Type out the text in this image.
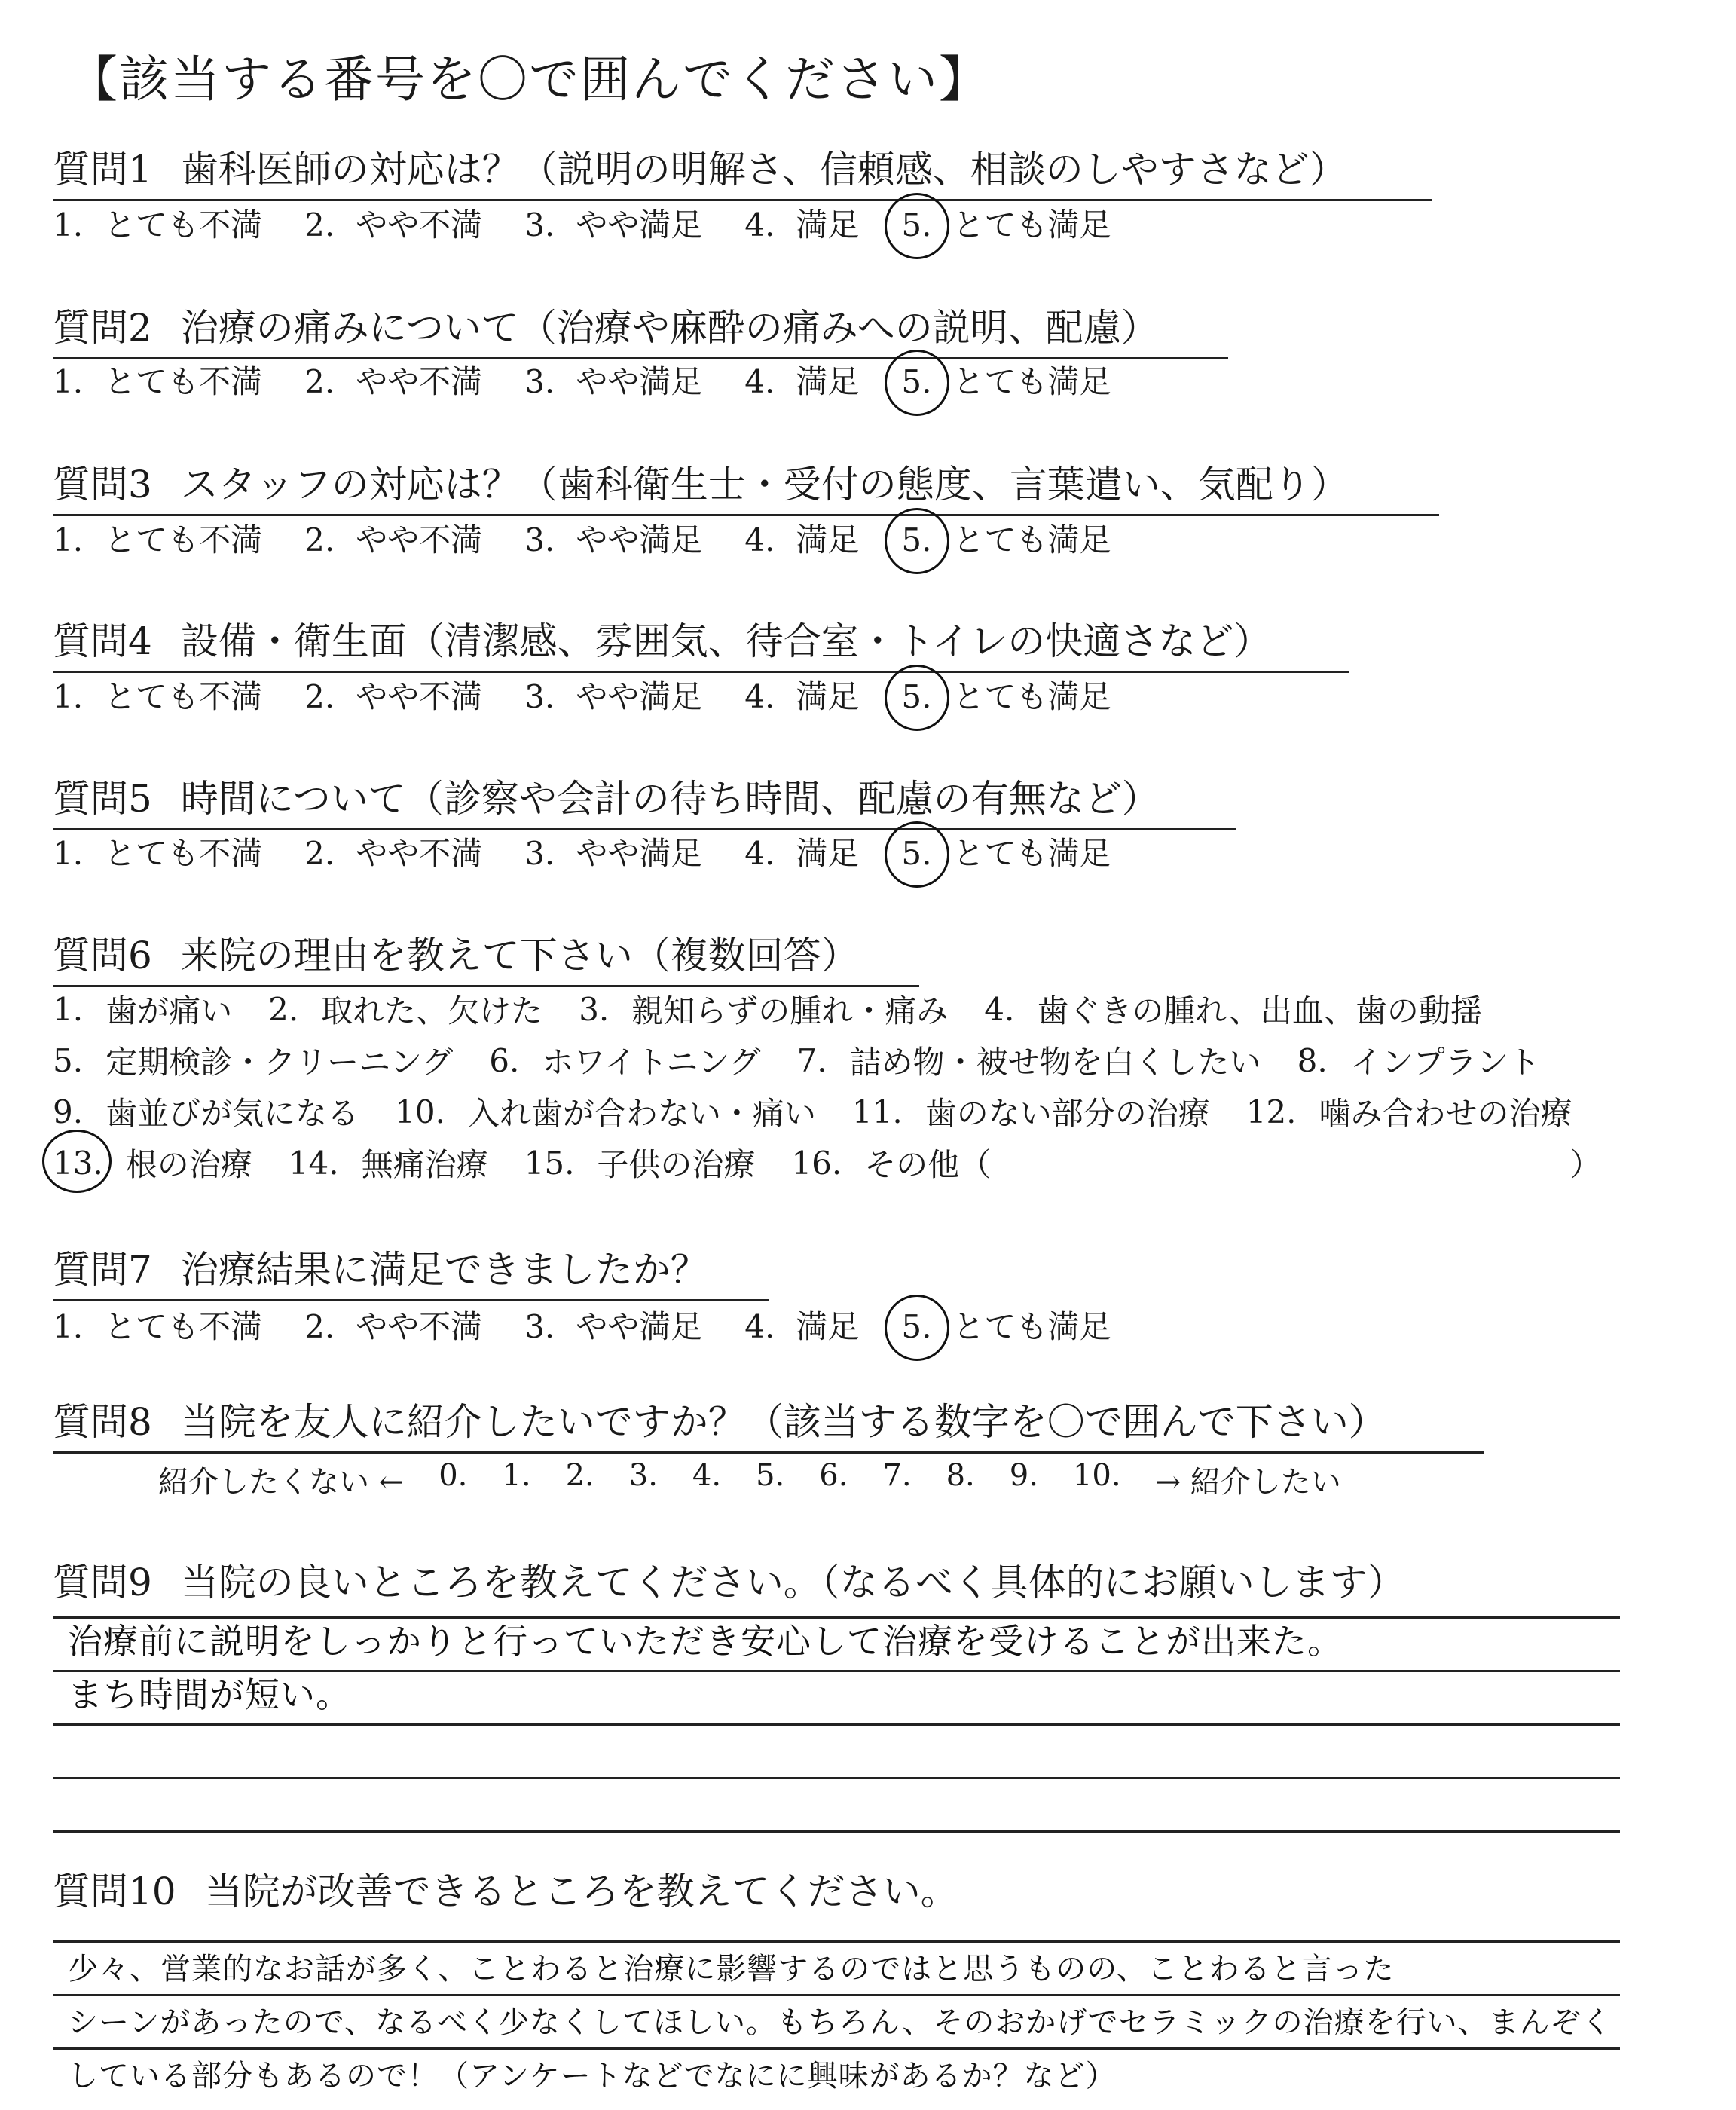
【該当する番号を〇で囲んでください】
質問1 歯科医師の対応は？（説明の明解さ、信頼感、相談のしやすさなど）
1. とても不満 2. やや不満 3. やや満足 4. 満足 5. とても満足
質問2 治療の痛みについて（治療や麻酔の痛みへの説明、配慮）
1. とても不満 2. やや不満 3. やや満足 4. 満足 5. とても満足
質問3 スタッフの対応は？（歯科衛生士・受付の態度、言葉遣い、気配り）
1. とても不満 2. やや不満 3. やや満足 4. 満足 5. とても満足
質問4 設備・衛生面（清潔感、雰囲気、待合室・トイレの快適さなど）
1. とても不満 2. やや不満 3. やや満足 4. 満足 5. とても満足
質問5 時間について（診察や会計の待ち時間、配慮の有無など）
1. とても不満 2. やや不満 3. やや満足 4. 満足 5. とても満足
質問6 来院の理由を教えて下さい（複数回答）
1. 歯が痛い 2. 取れた、欠けた 3. 親知らずの腫れ・痛み 4. 歯ぐきの腫れ、出血、歯の動揺
5. 定期検診・クリーニング 6. ホワイトニング 7. 詰め物・被せ物を白くしたい 8. インプラント
9. 歯並びが気になる 10. 入れ歯が合わない・痛い 11. 歯のない部分の治療 12. 噛み合わせの治療
13. 根の治療 14. 無痛治療 15. 子供の治療 16. その他（	）
質問7 治療結果に満足できましたか？
1. とても不満 2. やや不満 3. やや満足 4. 満足 5. とても満足
質問8 当院を友人に紹介したいですか？（該当する数字を〇で囲んで下さい）
紹介したくない ← 0. 1. 2. 3. 4. 5. 6. 7. 8. 9. 10. → 紹介したい
質問9 当院の良いところを教えてください。（なるべく具体的にお願いします）
治療前に説明をしっかりと行っていただき安心して治療を受けることが出来た。
まち時間が短い。
質問10 当院が改善できるところを教えてください。
少々、営業的なお話が多く、ことわると治療に影響するのではと思うものの、ことわると言った
シーンがあったので、なるべく少なくしてほしい。もちろん、そのおかげでセラミックの治療を行い、まんぞく
している部分もあるので！（アンケートなどでなにに興味があるか？など）
